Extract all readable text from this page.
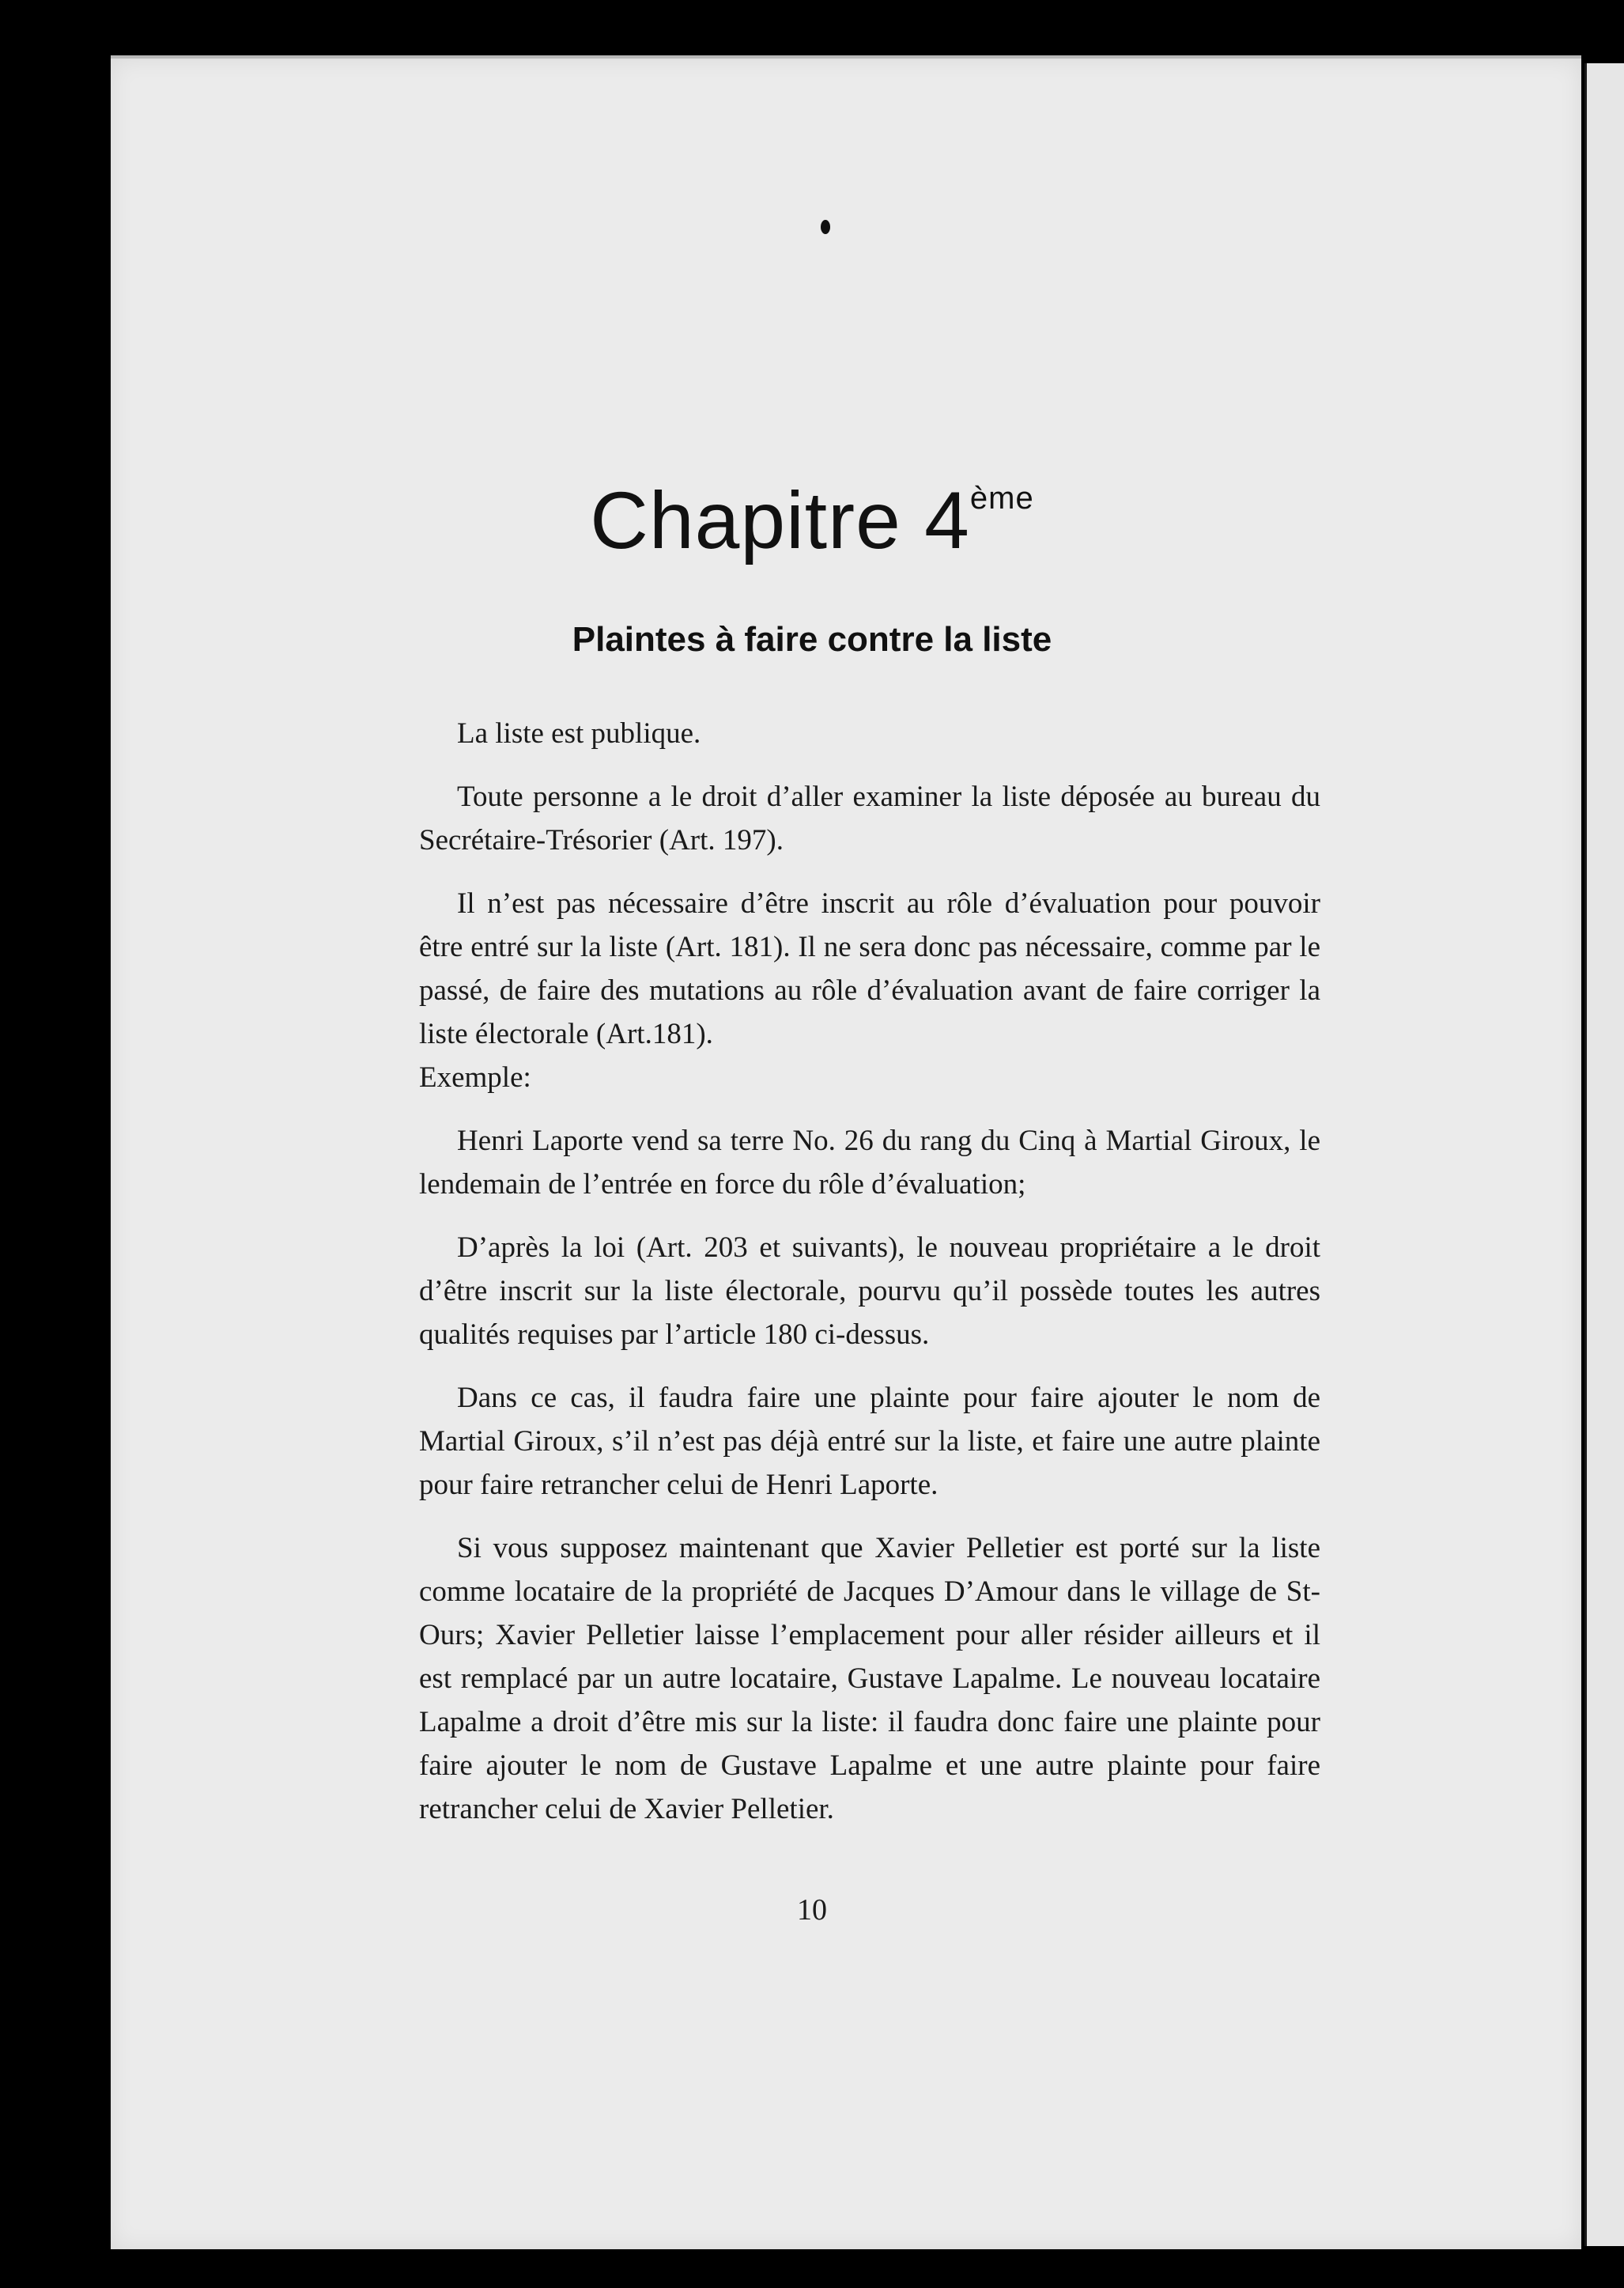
Chapitre 4ème
Plaintes à faire contre la liste

La liste est publique.

Toute personne a le droit d’aller examiner la liste déposée au bureau du Secrétaire-Trésorier (Art. 197).

Il n’est pas nécessaire d’être inscrit au rôle d’évaluation pour pouvoir être entré sur la liste (Art. 181). Il ne sera donc pas nécessaire, comme par le passé, de faire des mutations au rôle d’évaluation avant de faire corriger la liste électorale (Art.181).

Exemple:

Henri Laporte vend sa terre No. 26 du rang du Cinq à Martial Giroux, le lendemain de l’entrée en force du rôle d’évaluation;

D’après la loi (Art. 203 et suivants), le nouveau propriétaire a le droit d’être inscrit sur la liste électorale, pourvu qu’il possède toutes les autres qualités requises par l’article 180 ci-dessus.

Dans ce cas, il faudra faire une plainte pour faire ajouter le nom de Martial Giroux, s’il n’est pas déjà entré sur la liste, et faire une autre plainte pour faire retrancher celui de Henri Laporte.

Si vous supposez maintenant que Xavier Pelletier est porté sur la liste comme locataire de la propriété de Jacques D’Amour dans le village de St-Ours; Xavier Pelletier laisse l’emplacement pour aller résider ailleurs et il est remplacé par un autre locataire, Gustave Lapalme. Le nouveau locataire Lapalme a droit d’être mis sur la liste: il faudra donc faire une plainte pour faire ajouter le nom de Gustave Lapalme et une autre plainte pour faire retrancher celui de Xavier Pelletier.

10
